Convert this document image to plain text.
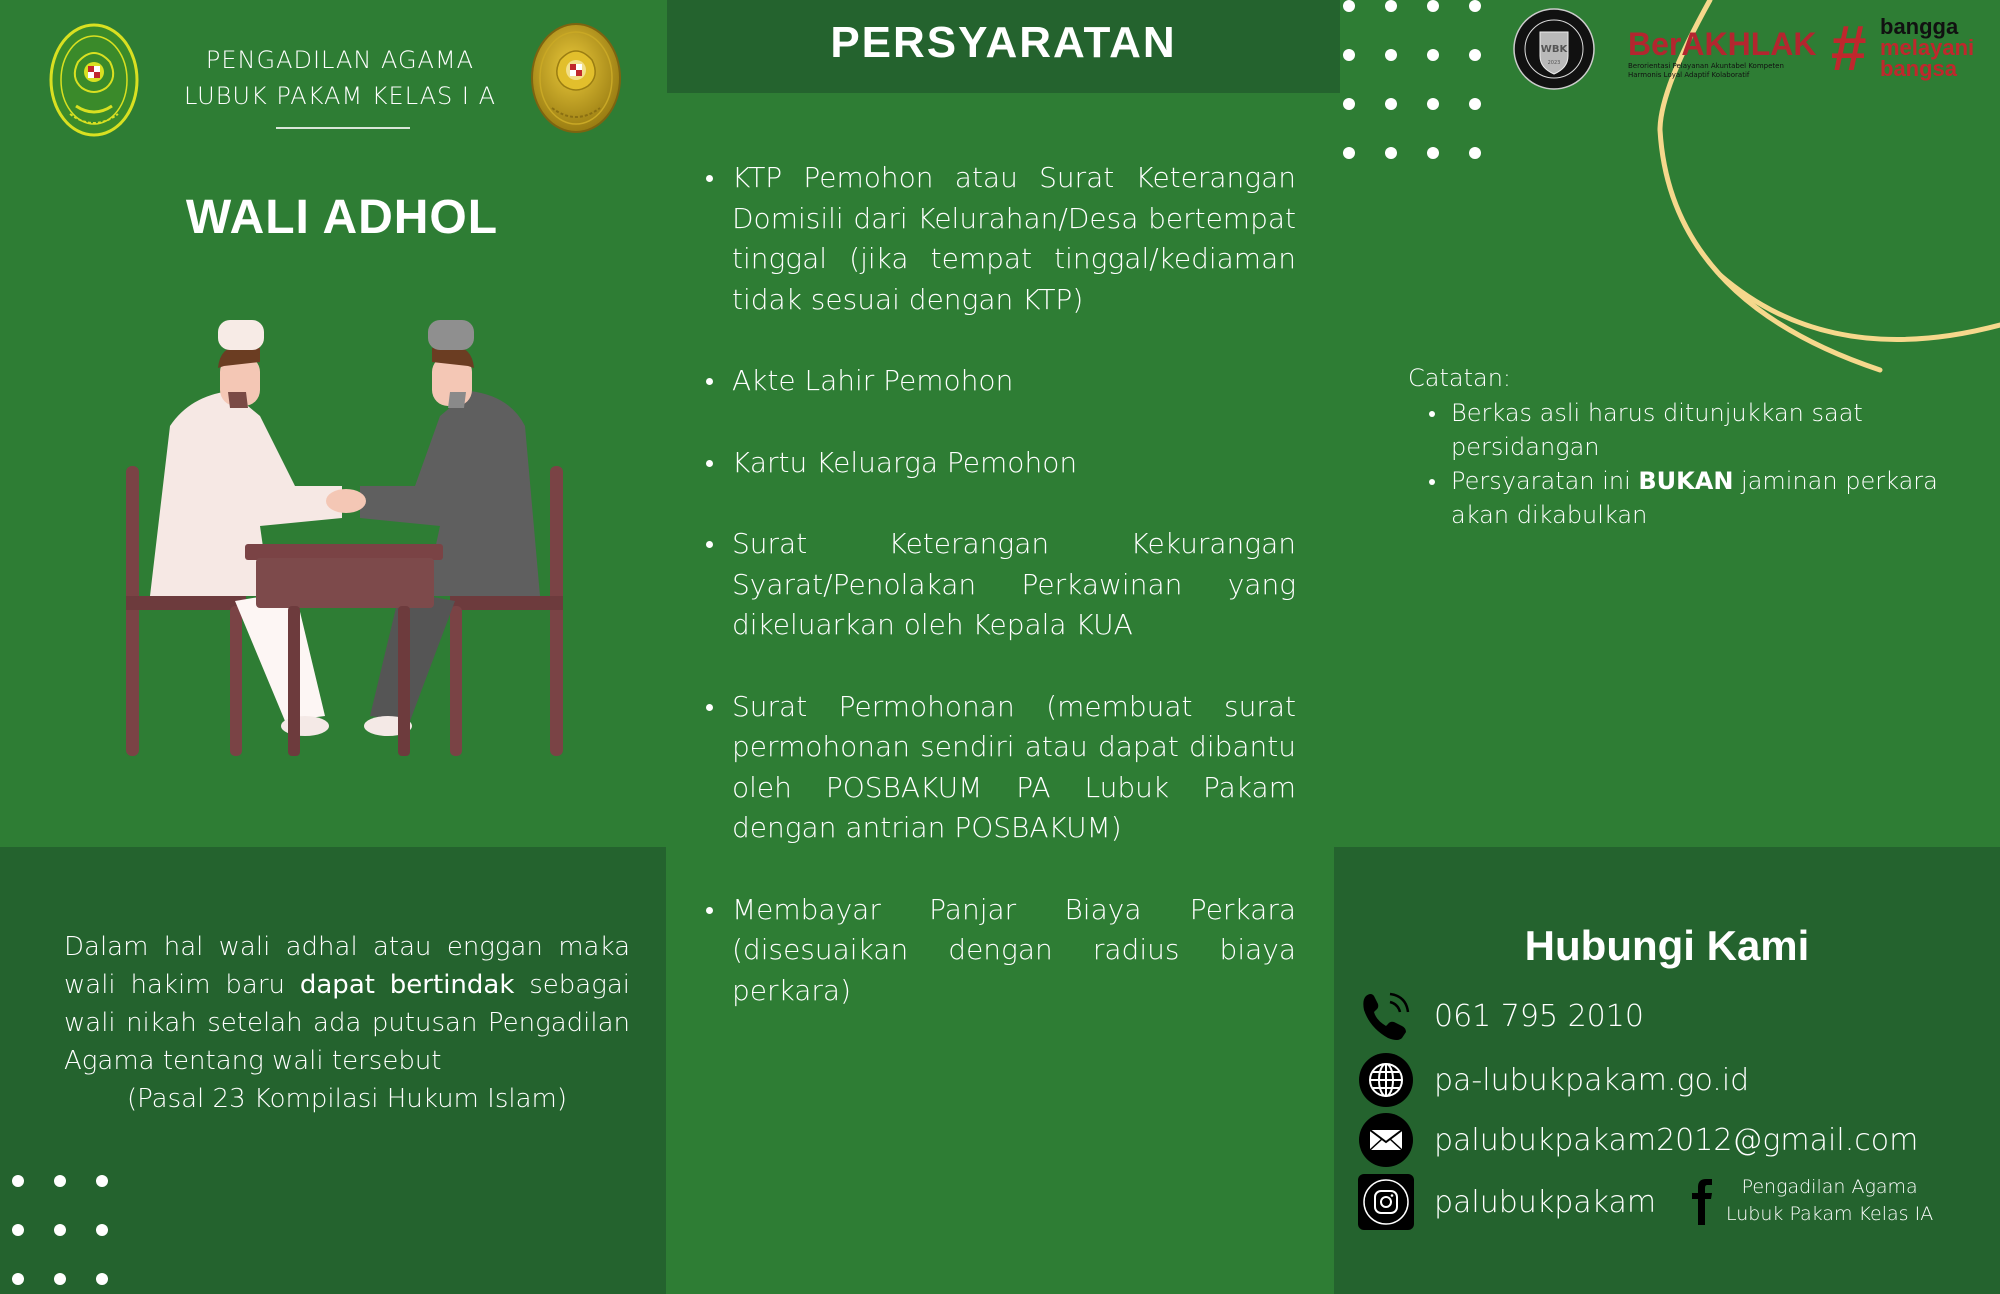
PENGADILAN AGAMA
LUBUK PAKAM KELAS I A
WALI ADHOL
Dalam hal wali adhal atau enggan maka wali hakim baru dapat bertindak sebagai wali nikah setelah ada putusan Pengadilan Agama tentang wali tersebut
(Pasal 23 Kompilasi Hukum Islam)
PERSYARATAN
KTP Pemohon atau Surat Keterangan Domisili dari Kelurahan/Desa bertempat tinggal (jika tempat tinggal/kediaman tidak sesuai dengan KTP)
Akte Lahir Pemohon
Kartu Keluarga Pemohon
Surat Keterangan Kekurangan Syarat/Penolakan Perkawinan yang dikeluarkan oleh Kepala KUA
Surat Permohonan (membuat surat permohonan sendiri atau dapat dibantu oleh POSBAKUM PA Lubuk Pakam dengan antrian POSBAKUM)
Membayar Panjar Biaya Perkara (disesuaikan dengan radius biaya perkara)
WBK
2023
BerAKHLAK
Berorientasi Pelayanan Akuntabel Kompeten
Harmonis Loyal Adaptif Kolaboratif	# bangga
melayani
bangsa
Catatan:
Berkas asli harus ditunjukkan saat persidangan
Persyaratan ini BUKAN jaminan perkara akan dikabulkan
Hubungi Kami
061 795 2010
pa-lubukpakam.go.id
palubukpakam2012@gmail.com
palubukpakam	Pengadilan Agama
Lubuk Pakam Kelas IA
